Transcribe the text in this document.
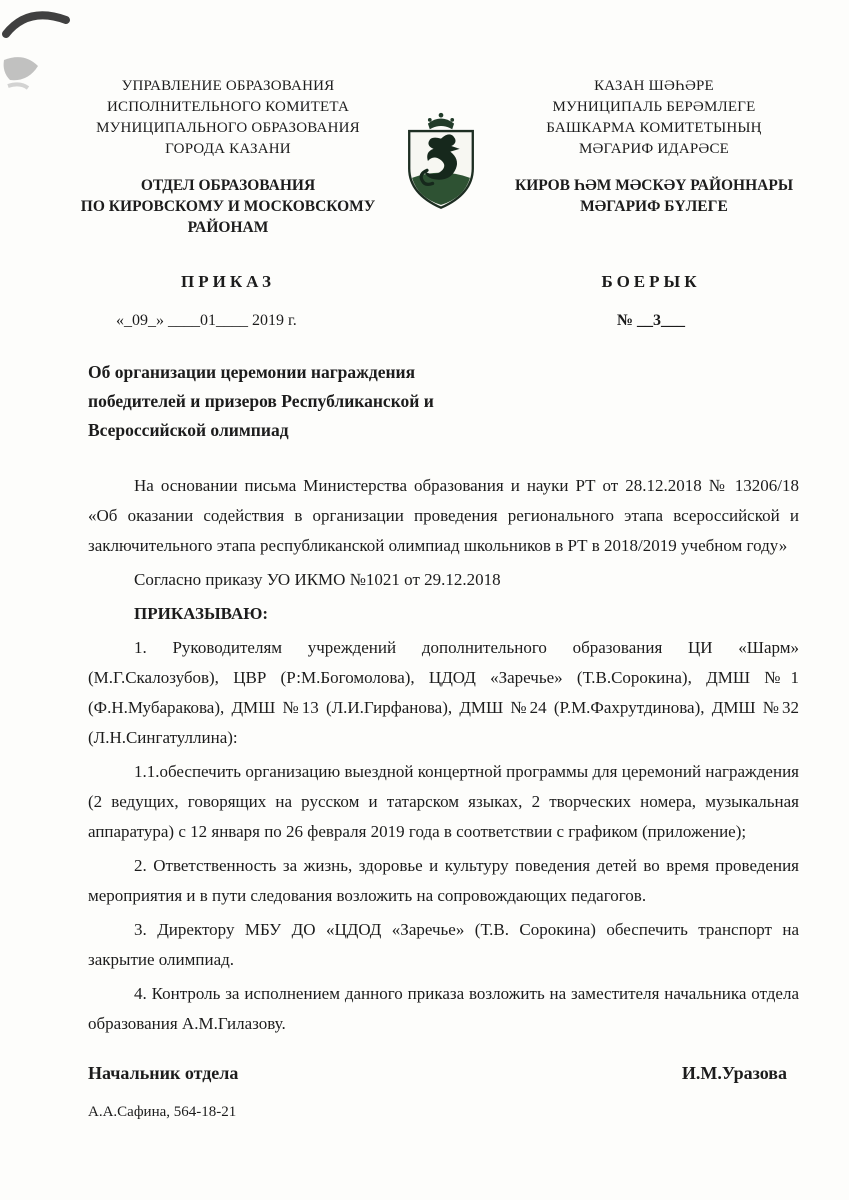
УПРАВЛЕНИЕ ОБРАЗОВАНИЯ
ИСПОЛНИТЕЛЬНОГО КОМИТЕТА
МУНИЦИПАЛЬНОГО ОБРАЗОВАНИЯ
ГОРОДА КАЗАНИ
ОТДЕЛ ОБРАЗОВАНИЯ
ПО КИРОВСКОМУ И МОСКОВСКОМУ
РАЙОНАМ
КАЗАН ШӘҺӘРЕ
МУНИЦИПАЛЬ БЕРӘМЛЕГЕ
БАШКАРМА КОМИТЕТЫНЫҢ
МӘГАРИФ ИДАРӘСЕ
КИРОВ ҺӘМ МӘСКӘҮ РАЙОННАРЫ
МӘГАРИФ БҮЛЕГЕ
ПРИКАЗ	БОЕРЫК
«_09_» ____01____ 2019 г.	№ __3___
Об организации церемонии награждения
победителей и призеров Республиканской и
Всероссийской олимпиад

На основании письма Министерства образования и науки РТ от 28.12.2018 № 13206/18 «Об оказании содействия в организации проведения регионального этапа всероссийской и заключительного этапа республиканской олимпиад школьников в РТ в 2018/2019 учебном году»

Согласно приказу УО ИКМО №1021 от 29.12.2018

ПРИКАЗЫВАЮ:

1. Руководителям учреждений дополнительного образования ЦИ «Шарм» (М.Г.Скалозубов), ЦВР (Р:М.Богомолова), ЦДОД «Заречье» (Т.В.Сорокина), ДМШ №1 (Ф.Н.Мубаракова), ДМШ №13 (Л.И.Гирфанова), ДМШ №24 (Р.М.Фахрутдинова), ДМШ №32 (Л.Н.Сингатуллина):

1.1.обеспечить организацию выездной концертной программы для церемоний награждения (2 ведущих, говорящих на русском и татарском языках, 2 творческих номера, музыкальная аппаратура) с 12 января по 26 февраля 2019 года в соответствии с графиком (приложение);

2. Ответственность за жизнь, здоровье и культуру поведения детей во время проведения мероприятия и в пути следования возложить на сопровождающих педагогов.

3. Директору МБУ ДО «ЦДОД «Заречье» (Т.В. Сорокина) обеспечить транспорт на закрытие олимпиад.

4. Контроль за исполнением данного приказа возложить на заместителя начальника отдела образования А.М.Гилазову.

Начальник отдела	И.М.Уразова
А.А.Сафина, 564-18-21
